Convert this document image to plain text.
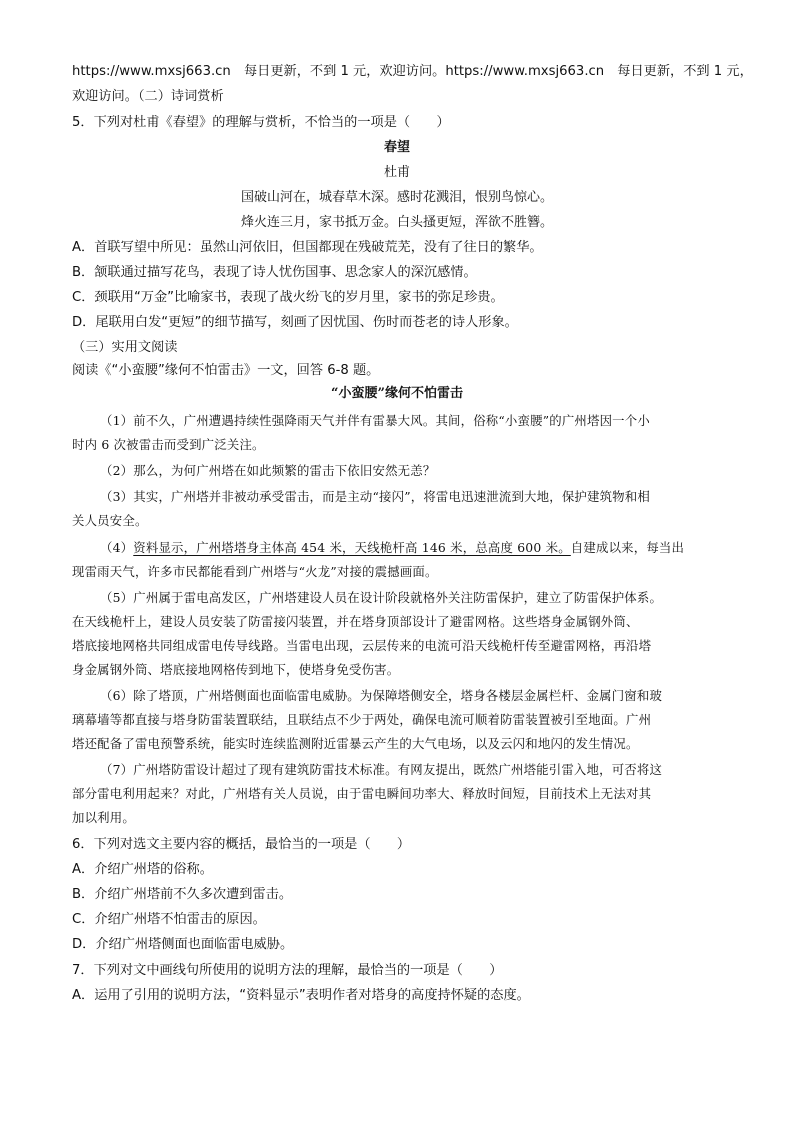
https://www.mxsj663.cn　每日更新，不到 1 元，欢迎访问。https://www.mxsj663.cn　每日更新，不到 1 元，
欢迎访问。（二）诗词赏析
5．下列对杜甫《春望》的理解与赏析，不恰当的一项是（　　）
春望
杜甫
国破山河在，城春草木深。感时花溅泪，恨别鸟惊心。
烽火连三月，家书抵万金。白头搔更短，浑欲不胜簪。
A．首联写望中所见：虽然山河依旧，但国都现在残破荒芜，没有了往日的繁华。
B．颔联通过描写花鸟，表现了诗人忧伤国事、思念家人的深沉感情。
C．颈联用“万金”比喻家书，表现了战火纷飞的岁月里，家书的弥足珍贵。
D．尾联用白发“更短”的细节描写，刻画了因忧国、伤时而苍老的诗人形象。
（三）实用文阅读
阅读《“小蛮腰”缘何不怕雷击》一文，回答 6-8 题。
“小蛮腰”缘何不怕雷击
（1）前不久，广州遭遇持续性强降雨天气并伴有雷暴大风。其间，俗称“小蛮腰”的广州塔因一个小
时内 6 次被雷击而受到广泛关注。
（2）那么，为何广州塔在如此频繁的雷击下依旧安然无恙？
（3）其实，广州塔并非被动承受雷击，而是主动“接闪”，将雷电迅速泄流到大地，保护建筑物和相
关人员安全。
（4）资料显示，广州塔塔身主体高 454 米，天线桅杆高 146 米，总高度 600 米。自建成以来，每当出
现雷雨天气，许多市民都能看到广州塔与“火龙”对接的震撼画面。
（5）广州属于雷电高发区，广州塔建设人员在设计阶段就格外关注防雷保护，建立了防雷保护体系。
在天线桅杆上，建设人员安装了防雷接闪装置，并在塔身顶部设计了避雷网格。这些塔身金属钢外筒、
塔底接地网格共同组成雷电传导线路。当雷电出现，云层传来的电流可沿天线桅杆传至避雷网格，再沿塔
身金属钢外筒、塔底接地网格传到地下，使塔身免受伤害。
（6）除了塔顶，广州塔侧面也面临雷电威胁。为保障塔侧安全，塔身各楼层金属栏杆、金属门窗和玻
璃幕墙等都直接与塔身防雷装置联结，且联结点不少于两处，确保电流可顺着防雷装置被引至地面。广州
塔还配备了雷电预警系统，能实时连续监测附近雷暴云产生的大气电场，以及云闪和地闪的发生情况。
（7）广州塔防雷设计超过了现有建筑防雷技术标准。有网友提出，既然广州塔能引雷入地，可否将这
部分雷电利用起来？对此，广州塔有关人员说，由于雷电瞬间功率大、释放时间短，目前技术上无法对其
加以利用。
6．下列对选文主要内容的概括，最恰当的一项是（　　）
A．介绍广州塔的俗称。
B．介绍广州塔前不久多次遭到雷击。
C．介绍广州塔不怕雷击的原因。
D．介绍广州塔侧面也面临雷电威胁。
7．下列对文中画线句所使用的说明方法的理解，最恰当的一项是（　　）
A．运用了引用的说明方法，“资料显示”表明作者对塔身的高度持怀疑的态度。
